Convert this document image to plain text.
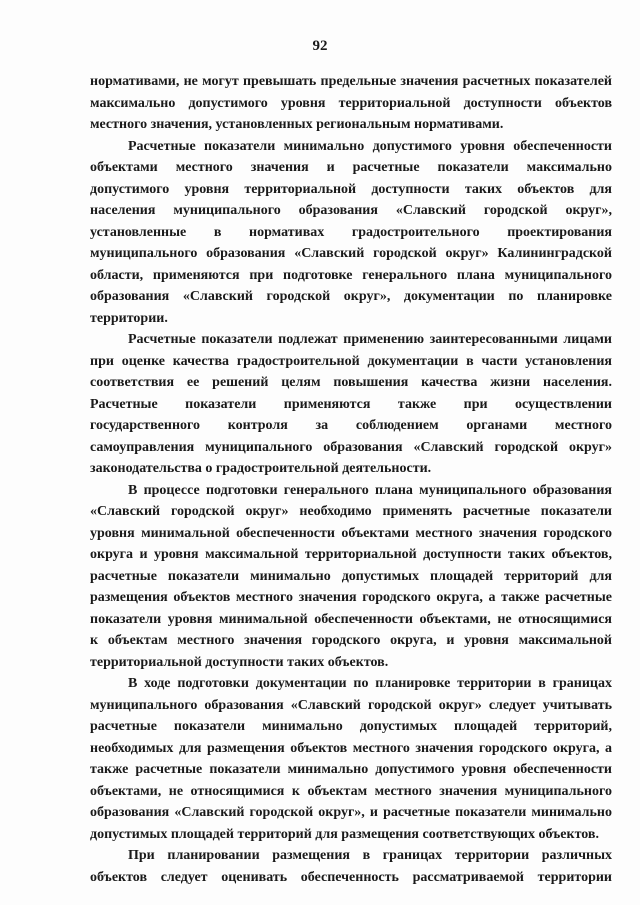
92

нормативами, не могут превышать предельные значения расчетных показателей
максимально допустимого уровня территориальной доступности объектов
местного значения, установленных региональным нормативами.

Расчетные показатели минимально допустимого уровня обеспеченности
объектами местного значения и расчетные показатели максимально
допустимого уровня территориальной доступности таких объектов для
населения муниципального образования «Славский городской округ»,
установленные в нормативах градостроительного проектирования
муниципального образования «Славский городской округ» Калининградской
области, применяются при подготовке генерального плана муниципального
образования «Славский городской округ», документации по планировке
территории.

Расчетные показатели подлежат применению заинтересованными лицами
при оценке качества градостроительной документации в части установления
соответствия ее решений целям повышения качества жизни населения.
Расчетные показатели применяются также при осуществлении
государственного контроля за соблюдением органами местного
самоуправления муниципального образования «Славский городской округ»
законодательства о градостроительной деятельности.

В процессе подготовки генерального плана муниципального образования
«Славский городской округ» необходимо применять расчетные показатели
уровня минимальной обеспеченности объектами местного значения городского
округа и уровня максимальной территориальной доступности таких объектов,
расчетные показатели минимально допустимых площадей территорий для
размещения объектов местного значения городского округа, а также расчетные
показатели уровня минимальной обеспеченности объектами, не относящимися
к объектам местного значения городского округа, и уровня максимальной
территориальной доступности таких объектов.

В ходе подготовки документации по планировке территории в границах
муниципального образования «Славский городской округ» следует учитывать
расчетные показатели минимально допустимых площадей территорий,
необходимых для размещения объектов местного значения городского округа, а
также расчетные показатели минимально допустимого уровня обеспеченности
объектами, не относящимися к объектам местного значения муниципального
образования «Славский городской округ», и расчетные показатели минимально
допустимых площадей территорий для размещения соответствующих объектов.

При планировании размещения в границах территории различных
объектов следует оценивать обеспеченность рассматриваемой территории
